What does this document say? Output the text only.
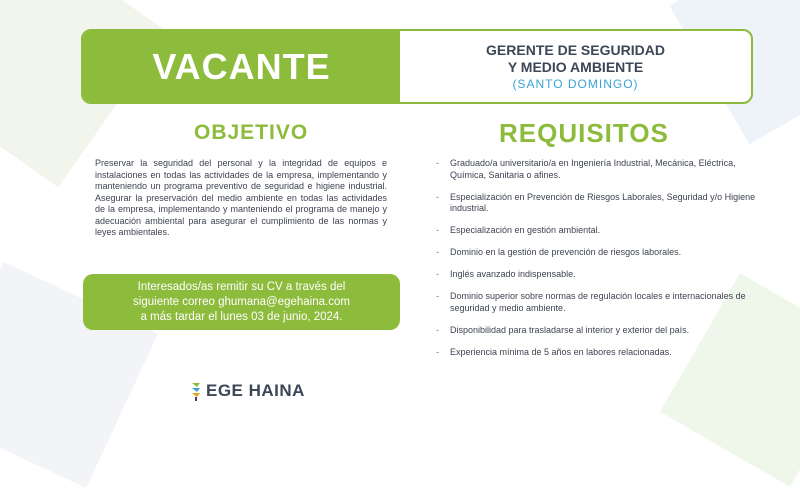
VACANTE	GERENTE DE SEGURIDAD
Y MEDIO AMBIENTE
(SANTO DOMINGO)
OBJETIVO

Preservar la seguridad del personal y la integridad de equipos e instalaciones en todas las actividades de la empresa, implementando y manteniendo un programa preventivo de seguridad e higiene industrial. Asegurar la preservación del medio ambiente en todas las actividades de la empresa, implementando y manteniendo el programa de manejo y adecuación ambiental para asegurar el cumplimiento de las normas y leyes ambientales.

Interesados/as remitir su CV a través del
siguiente correo ghumana@egehaina.com
a más tardar el lunes 03 de junio, 2024.
REQUISITOS
- Graduado/a universitario/a en Ingeniería Industrial, Mecánica, Eléctrica, Química, Sanitaria o afines.
- Especialización en Prevención de Riesgos Laborales, Seguridad y/o Higiene industrial.
- Especialización en gestión ambiental.
- Dominio en la gestión de prevención de riesgos laborales.
- Inglés avanzado indispensable.
- Dominio superior sobre normas de regulación locales e internacionales de seguridad y medio ambiente.
- Disponibilidad para trasladarse al interior y exterior del país.
- Experiencia mínima de 5 años en labores relacionadas.
EGE HAINA
